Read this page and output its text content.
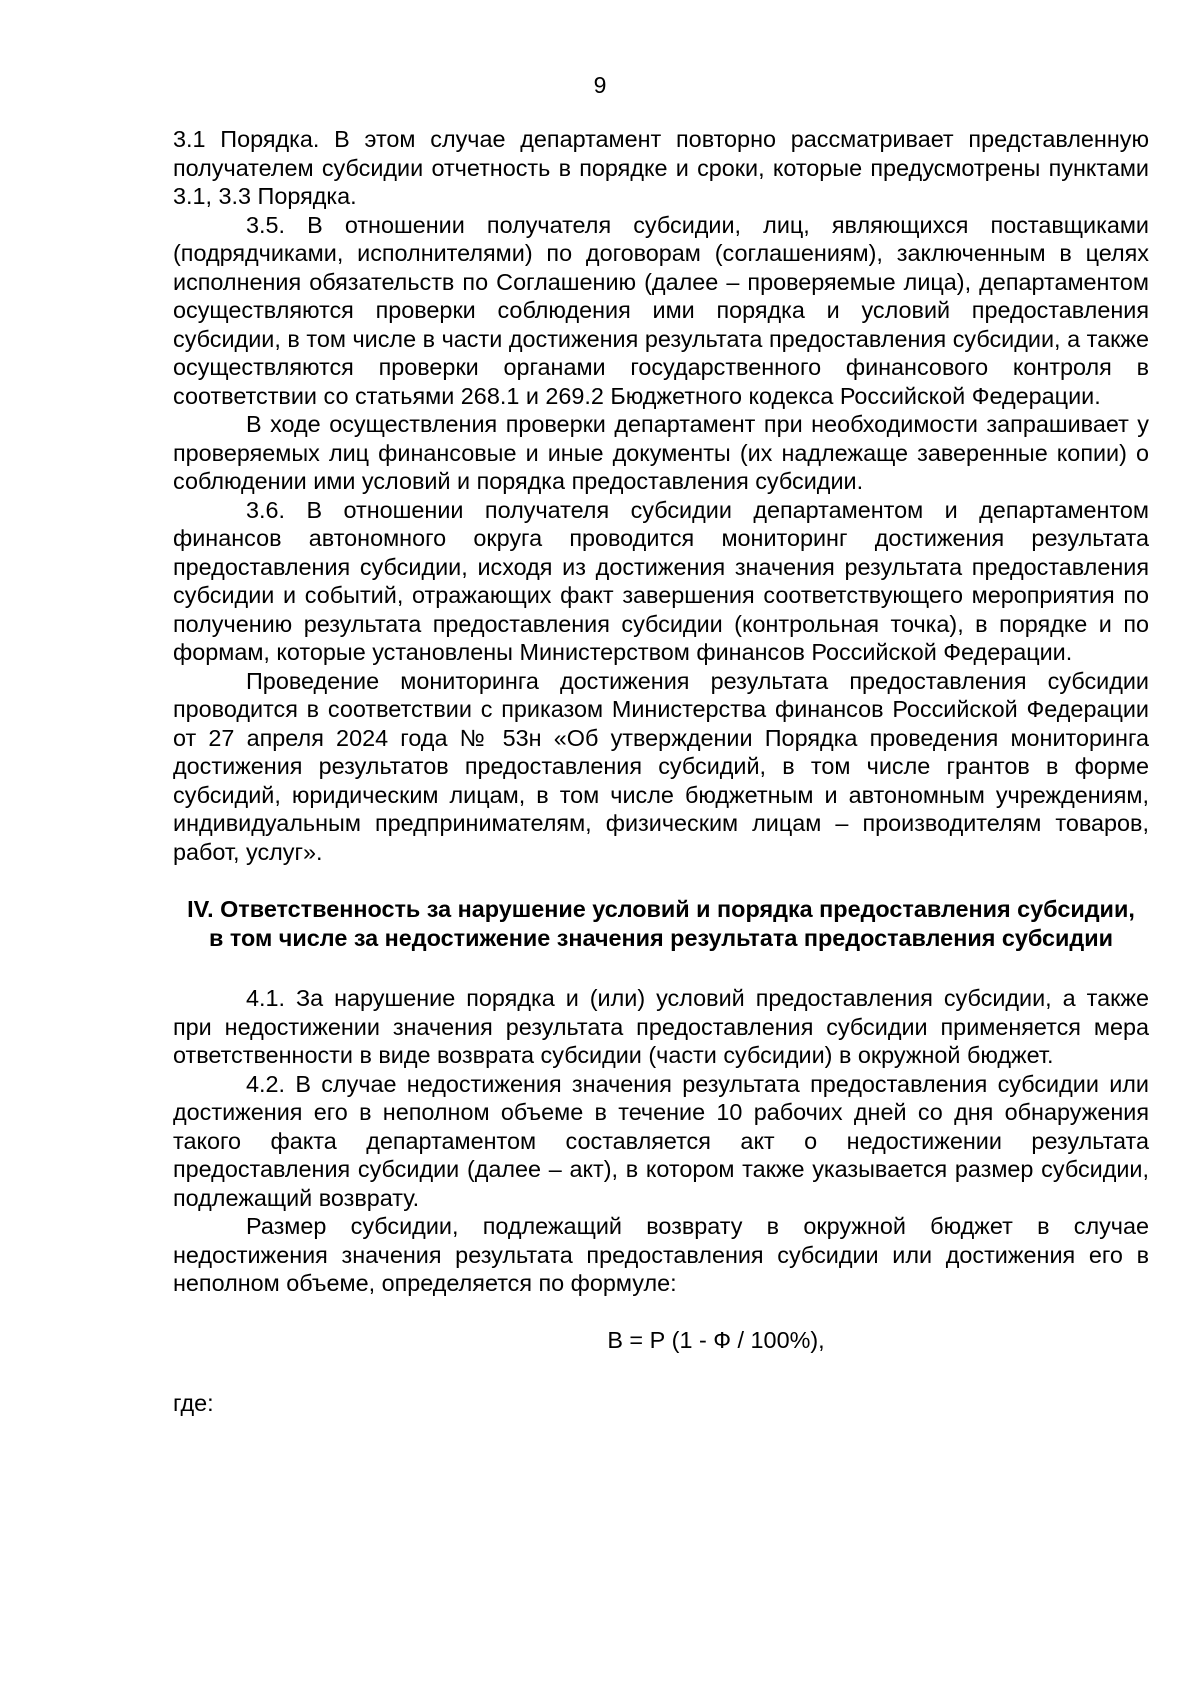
9

3.1 Порядка. В этом случае департамент повторно рассматривает представленную получателем субсидии отчетность в порядке и сроки, которые предусмотрены пунктами 3.1, 3.3 Порядка.

3.5. В отношении получателя субсидии, лиц, являющихся поставщиками (подрядчиками, исполнителями) по договорам (соглашениям), заключенным в целях исполнения обязательств по Соглашению (далее – проверяемые лица), департаментом осуществляются проверки соблюдения ими порядка и условий предоставления субсидии, в том числе в части достижения результата предоставления субсидии, а также осуществляются проверки органами государственного финансового контроля в соответствии со статьями 268.1 и 269.2 Бюджетного кодекса Российской Федерации.

В ходе осуществления проверки департамент при необходимости запрашивает у проверяемых лиц финансовые и иные документы (их надлежаще заверенные копии) о соблюдении ими условий и порядка предоставления субсидии.

3.6. В отношении получателя субсидии департаментом и департаментом финансов автономного округа проводится мониторинг достижения результата предоставления субсидии, исходя из достижения значения результата предоставления субсидии и событий, отражающих факт завершения соответствующего мероприятия по получению результата предоставления субсидии (контрольная точка), в порядке и по формам, которые установлены Министерством финансов Российской Федерации.

Проведение мониторинга достижения результата предоставления субсидии проводится в соответствии с приказом Министерства финансов Российской Федерации от 27 апреля 2024 года № 53н «Об утверждении Порядка проведения мониторинга достижения результатов предоставления субсидий, в том числе грантов в форме субсидий, юридическим лицам, в том числе бюджетным и автономным учреждениям, индивидуальным предпринимателям, физическим лицам – производителям товаров, работ, услуг».

IV. Ответственность за нарушение условий и порядка предоставления субсидии, в том числе за недостижение значения результата предоставления субсидии

4.1. За нарушение порядка и (или) условий предоставления субсидии, а также при недостижении значения результата предоставления субсидии применяется мера ответственности в виде возврата субсидии (части субсидии) в окружной бюджет.

4.2. В случае недостижения значения результата предоставления субсидии или достижения его в неполном объеме в течение 10 рабочих дней со дня обнаружения такого факта департаментом составляется акт о недостижении результата предоставления субсидии (далее – акт), в котором также указывается размер субсидии, подлежащий возврату.

Размер субсидии, подлежащий возврату в окружной бюджет в случае недостижения значения результата предоставления субсидии или достижения его в неполном объеме, определяется по формуле:

В = Р (1 - Ф / 100%),

где:
